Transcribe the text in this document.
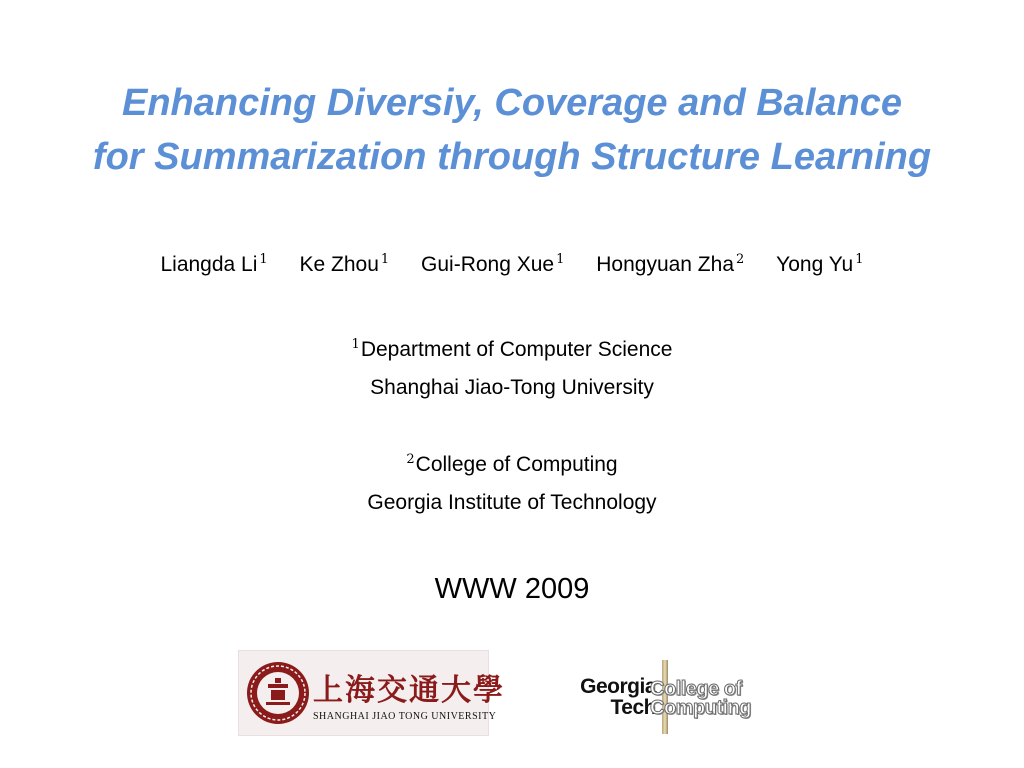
Enhancing Diversiy, Coverage and Balance
for Summarization through Structure Learning
Liangda Li $^1$ Ke Zhou $^1$ Gui-Rong Xue $^1$ Hongyuan Zha $^2$ Yong Yu $^1$
$^1$Department of Computer Science
Shanghai Jiao-Tong University
$^2$College of Computing
Georgia Institute of Technology
WWW 2009
上海交通大學
SHANGHAI JIAO TONG UNIVERSITY
Georgia
Tech
College of
Computing
